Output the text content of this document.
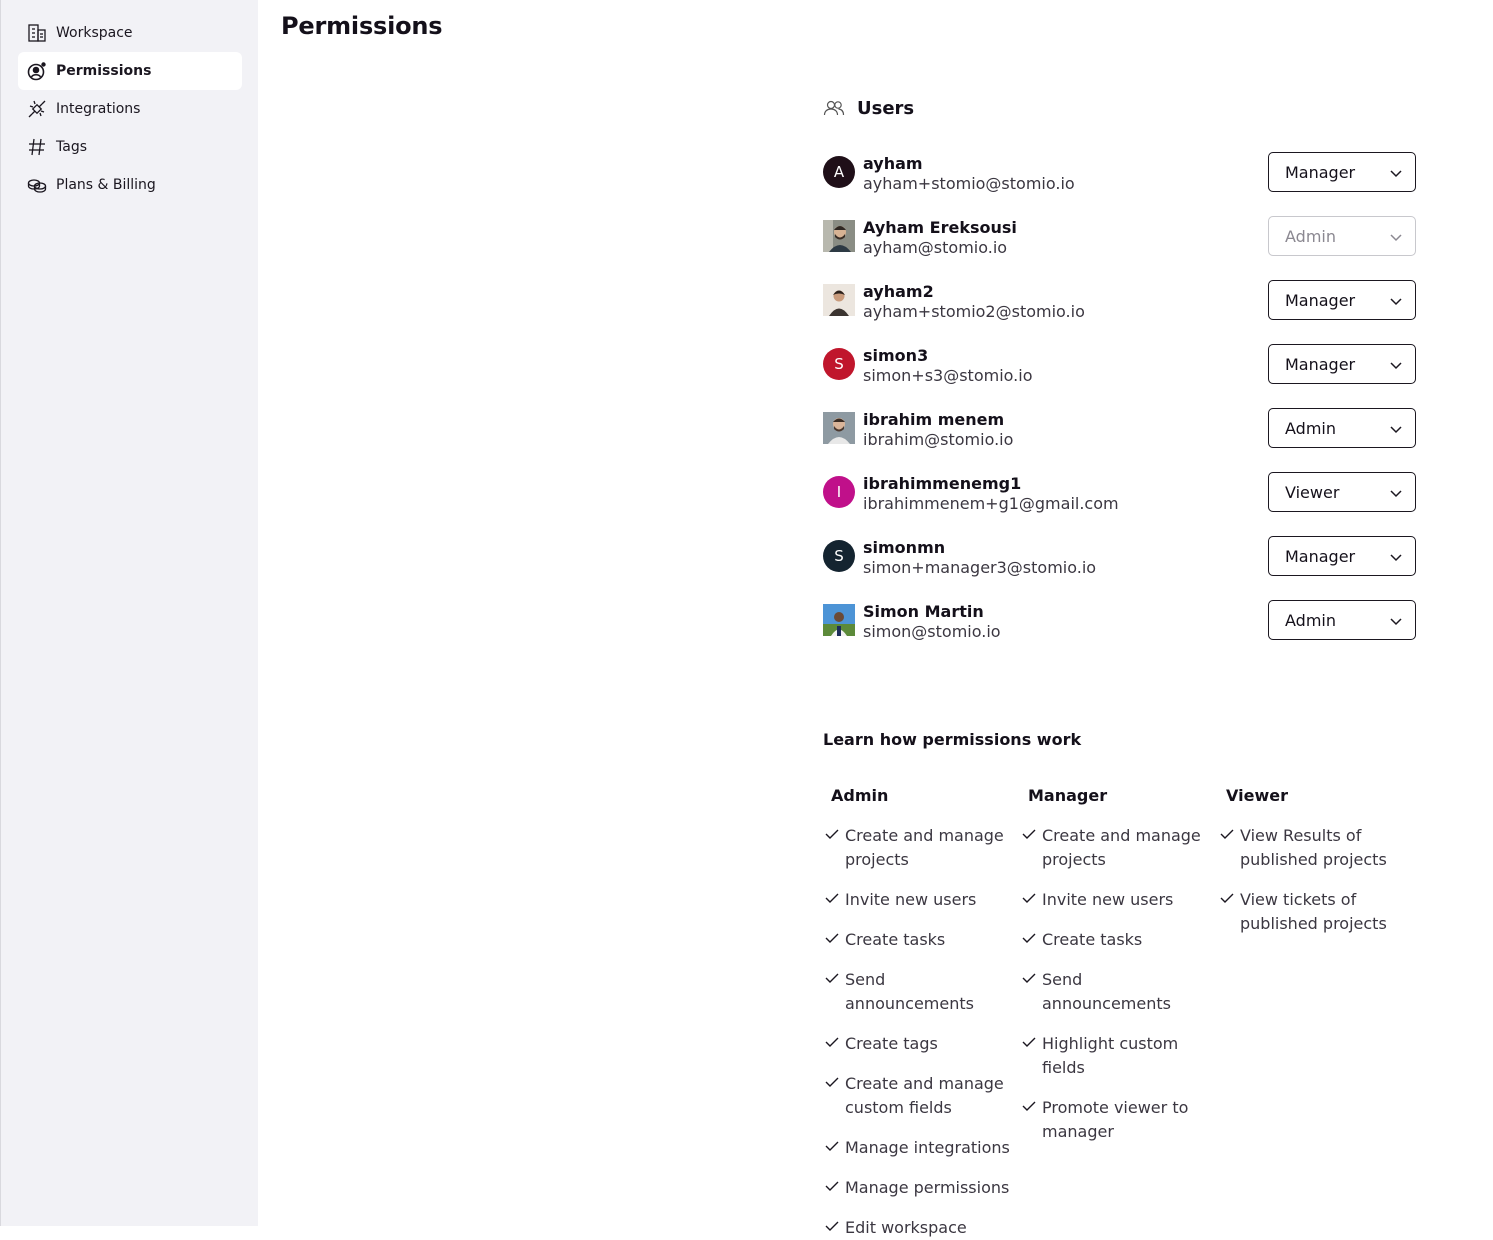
Workspace
Permissions
Integrations
Tags
Plans & Billing
Permissions
Users
A ayham
ayham+stomio@stomio.io
Manager
Ayham Ereksousi
ayham@stomio.io
Admin
ayham2
ayham+stomio2@stomio.io
Manager
S simon3
simon+s3@stomio.io
Manager
ibrahim menem
ibrahim@stomio.io
Admin
I ibrahimmenemg1
ibrahimmenem+g1@gmail.com
Viewer
S simonmn
simon+manager3@stomio.io
Manager
Simon Martin
simon@stomio.io
Admin
Learn how permissions work
Admin
Create and manage projects
Invite new users
Create tasks
Send announcements
Create tags
Create and manage custom fields
Manage integrations
Manage permissions
Edit workspace
Manager
Create and manage projects
Invite new users
Create tasks
Send announcements
Highlight custom fields
Promote viewer to manager
Viewer
View Results of published projects
View tickets of published projects
